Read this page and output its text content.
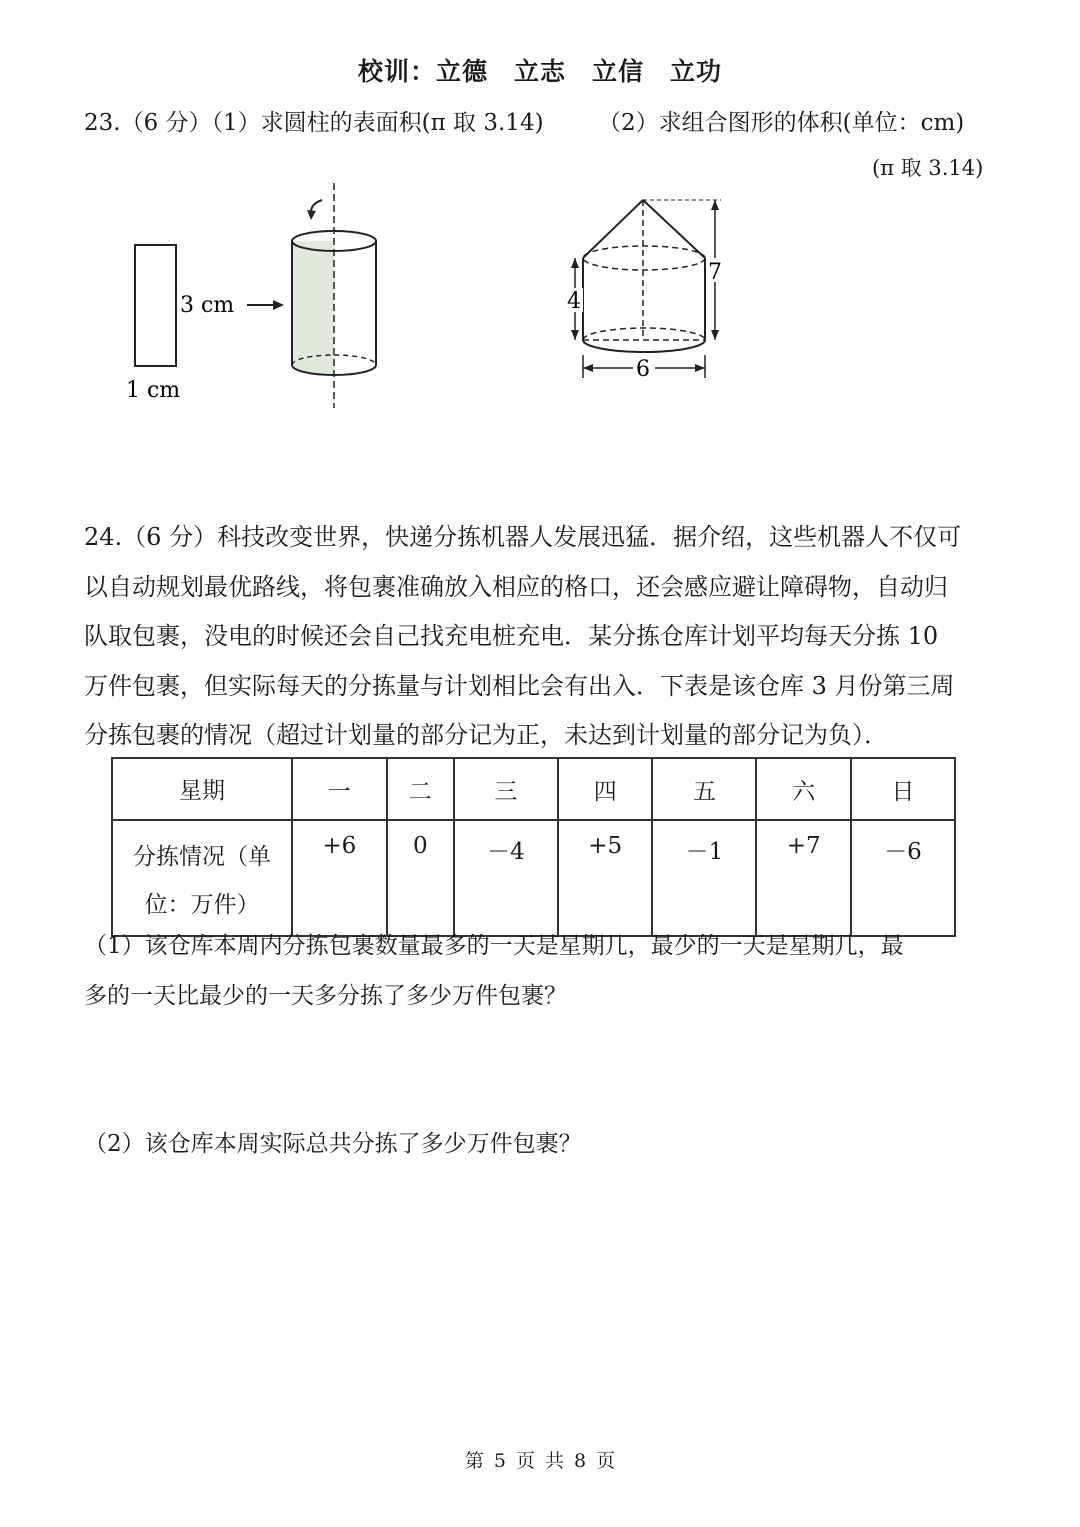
校训：立德　立志　立信　立功
23.（6 分）（1）求圆柱的表面积(π 取 3.14) （2）求组合图形的体积(单位：cm)
(π 取 3.14)
3 cm
1 cm
7
4
6
24.（6 分）科技改变世界，快递分拣机器人发展迅猛．据介绍，这些机器人不仅可
以自动规划最优路线，将包裹准确放入相应的格口，还会感应避让障碍物，自动归
队取包裹，没电的时候还会自己找充电桩充电．某分拣仓库计划平均每天分拣 10
万件包裹，但实际每天的分拣量与计划相比会有出入．下表是该仓库 3 月份第三周
分拣包裹的情况（超过计划量的部分记为正，未达到计划量的部分记为负）．
星期	一	二	三	四	五	六	日

分拣情况（单
位：万件）	+6	0	－4	+5	－1	+7	－6
（1）该仓库本周内分拣包裹数量最多的一天是星期几，最少的一天是星期几，最
多的一天比最少的一天多分拣了多少万件包裹？
（2）该仓库本周实际总共分拣了多少万件包裹？
第 5 页 共 8 页
